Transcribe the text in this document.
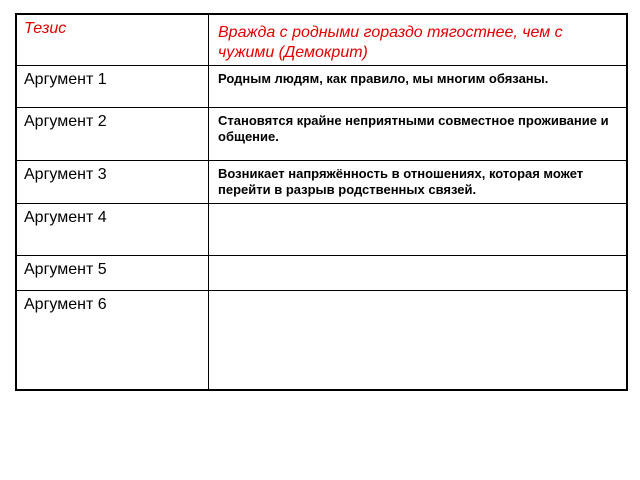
Тезис	Вражда с родными гораздо тягостнее, чем с чужими (Демокрит)

Аргумент 1	Родным людям, как правило, мы многим обязаны.

Аргумент 2	Становятся крайне неприятными совместное проживание и общение.

Аргумент 3	Возникает напряжённость в отношениях, которая может перейти в разрыв родственных связей.

Аргумент 4	

Аргумент 5	

Аргумент 6	
